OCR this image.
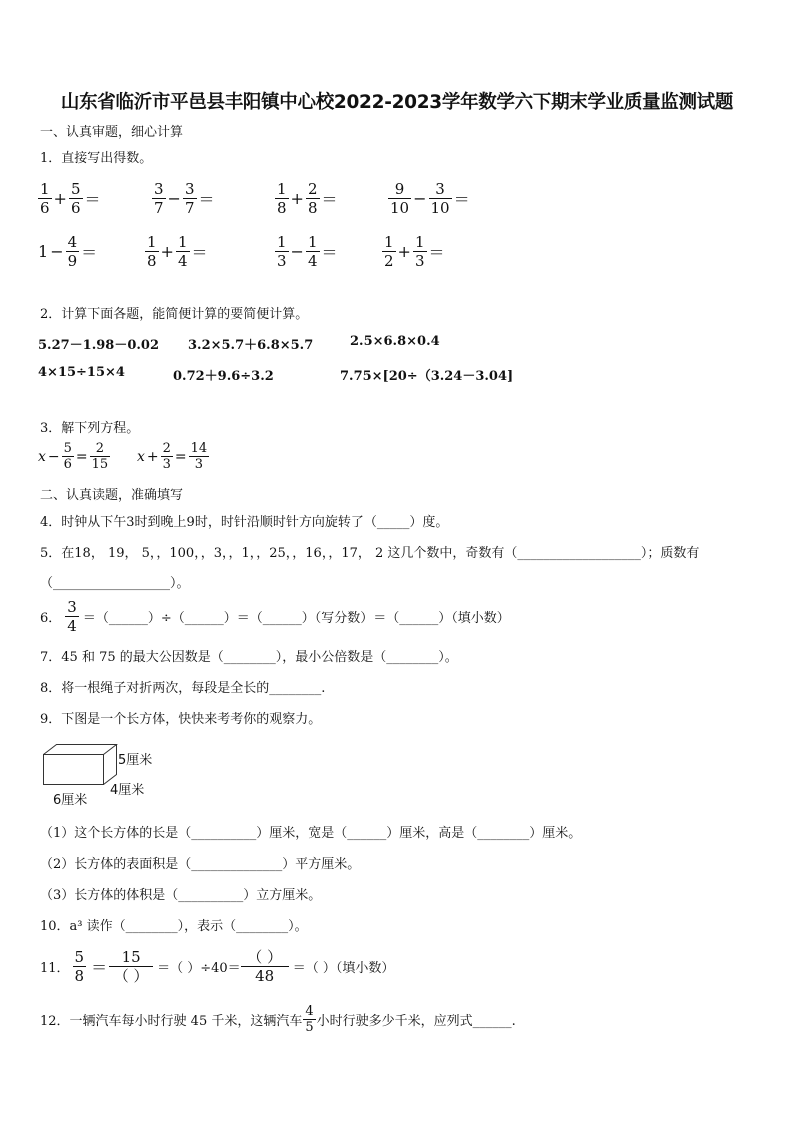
山东省临沂市平邑县丰阳镇中心校2022-2023学年数学六下期末学业质量监测试题
一、认真审题，细心计算
1．直接写出得数。
$\frac{1}{6} + \frac{5}{6}$ ＝	$\frac{3}{7} - \frac{3}{7}$ ＝	$\frac{1}{8} + \frac{2}{8}$ ＝	$\frac{9}{10} - \frac{3}{10}$ ＝
$1 - \frac{4}{9}$ ＝	$\frac{1}{8} + \frac{1}{4}$ ＝	$\frac{1}{3} - \frac{1}{4}$ ＝	$\frac{1}{2} + \frac{1}{3}$ ＝
2．计算下面各题，能简便计算的要简便计算。
5.27－1.98－0.02 3.2×5.7＋6.8×5.7	2.5×6.8×0.4
4×15÷15×4	0.72＋9.6÷3.2	7.75×[20÷（3.24－3.04]
3．解下列方程。
$x - \frac{5}{6} = \frac{2}{15}$ $x + \frac{2}{3} = \frac{14}{3}$
二、认真读题，准确填写
4．时钟从下午3时到晚上9时，时针沿顺时针方向旋转了（_____）度。
5．在18， 19， 5，，100，，3，，1，，25，，16，，17， 2 这几个数中，奇数有（___________________）；质数有
（__________________）。
6． $\frac{3}{4}$ ＝（______）÷（______）＝（______）（写分数）＝（______）（填小数）
7．45 和 75 的最大公因数是（________），最小公倍数是（________）。
8．将一根绳子对折两次，每段是全长的________.
9．下图是一个长方体，快快来考考你的观察力。
5厘米
4厘米
6厘米
（1）这个长方体的长是（__________）厘米，宽是（______）厘米，高是（________）厘米。
（2）长方体的表面积是（______________）平方厘米。
（3）长方体的体积是（__________）立方厘米。
10．a³ 读作（________），表示（________）。
11． $\frac{5}{8} = \frac{15}{( )}$ ＝（ ）$\div 40= \frac{( )}{48}$ ＝（ ）（填小数）
12．一辆汽车每小时行驶 45 千米，这辆汽车 $\frac{4}{5}$ 小时行驶多少千米，应列式______.
